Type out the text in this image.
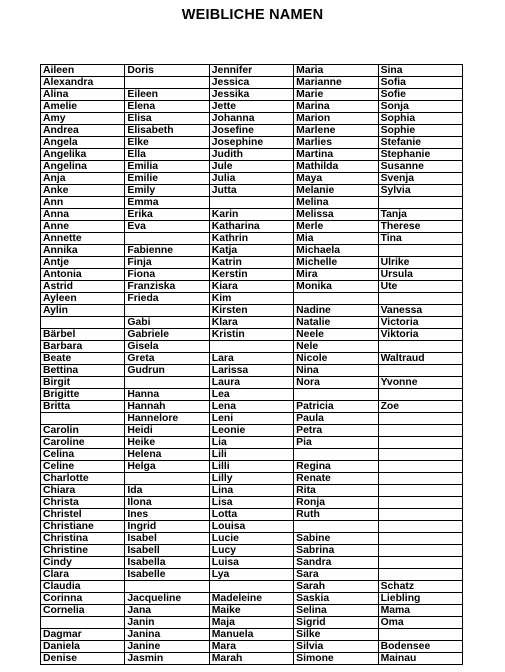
WEIBLICHE NAMEN
Aileen	Doris	Jennifer	Maria	Sina
Alexandra		Jessica	Marianne	Sofia
Alina	Eileen	Jessika	Marie	Sofie
Amelie	Elena	Jette	Marina	Sonja
Amy	Elisa	Johanna	Marion	Sophia
Andrea	Elisabeth	Josefine	Marlene	Sophie
Angela	Elke	Josephine	Marlies	Stefanie
Angelika	Ella	Judith	Martina	Stephanie
Angelina	Emilia	Jule	Mathilda	Susanne
Anja	Emilie	Julia	Maya	Svenja
Anke	Emily	Jutta	Melanie	Sylvia
Ann	Emma		Melina	
Anna	Erika	Karin	Melissa	Tanja
Anne	Eva	Katharina	Merle	Therese
Annette		Kathrin	Mia	Tina
Annika	Fabienne	Katja	Michaela	
Antje	Finja	Katrin	Michelle	Ulrike
Antonia	Fiona	Kerstin	Mira	Ursula
Astrid	Franziska	Kiara	Monika	Ute
Ayleen	Frieda	Kim		
Aylin		Kirsten	Nadine	Vanessa
	Gabi	Klara	Natalie	Victoria
Bärbel	Gabriele	Kristin	Neele	Viktoria
Barbara	Gisela		Nele	
Beate	Greta	Lara	Nicole	Waltraud
Bettina	Gudrun	Larissa	Nina	
Birgit		Laura	Nora	Yvonne
Brigitte	Hanna	Lea		
Britta	Hannah	Lena	Patricia	Zoe
	Hannelore	Leni	Paula	
Carolin	Heidi	Leonie	Petra	
Caroline	Heike	Lia	Pia	
Celina	Helena	Lili		
Celine	Helga	Lilli	Regina	
Charlotte		Lilly	Renate	
Chiara	Ida	Lina	Rita	
Christa	Ilona	Lisa	Ronja	
Christel	Ines	Lotta	Ruth	
Christiane	Ingrid	Louisa		
Christina	Isabel	Lucie	Sabine	
Christine	Isabell	Lucy	Sabrina	
Cindy	Isabella	Luisa	Sandra	
Clara	Isabelle	Lya	Sara	
Claudia			Sarah	Schatz
Corinna	Jacqueline	Madeleine	Saskia	Liebling
Cornelia	Jana	Maike	Selina	Mama
	Janin	Maja	Sigrid	Oma
Dagmar	Janina	Manuela	Silke	
Daniela	Janine	Mara	Silvia	Bodensee
Denise	Jasmin	Marah	Simone	Mainau
